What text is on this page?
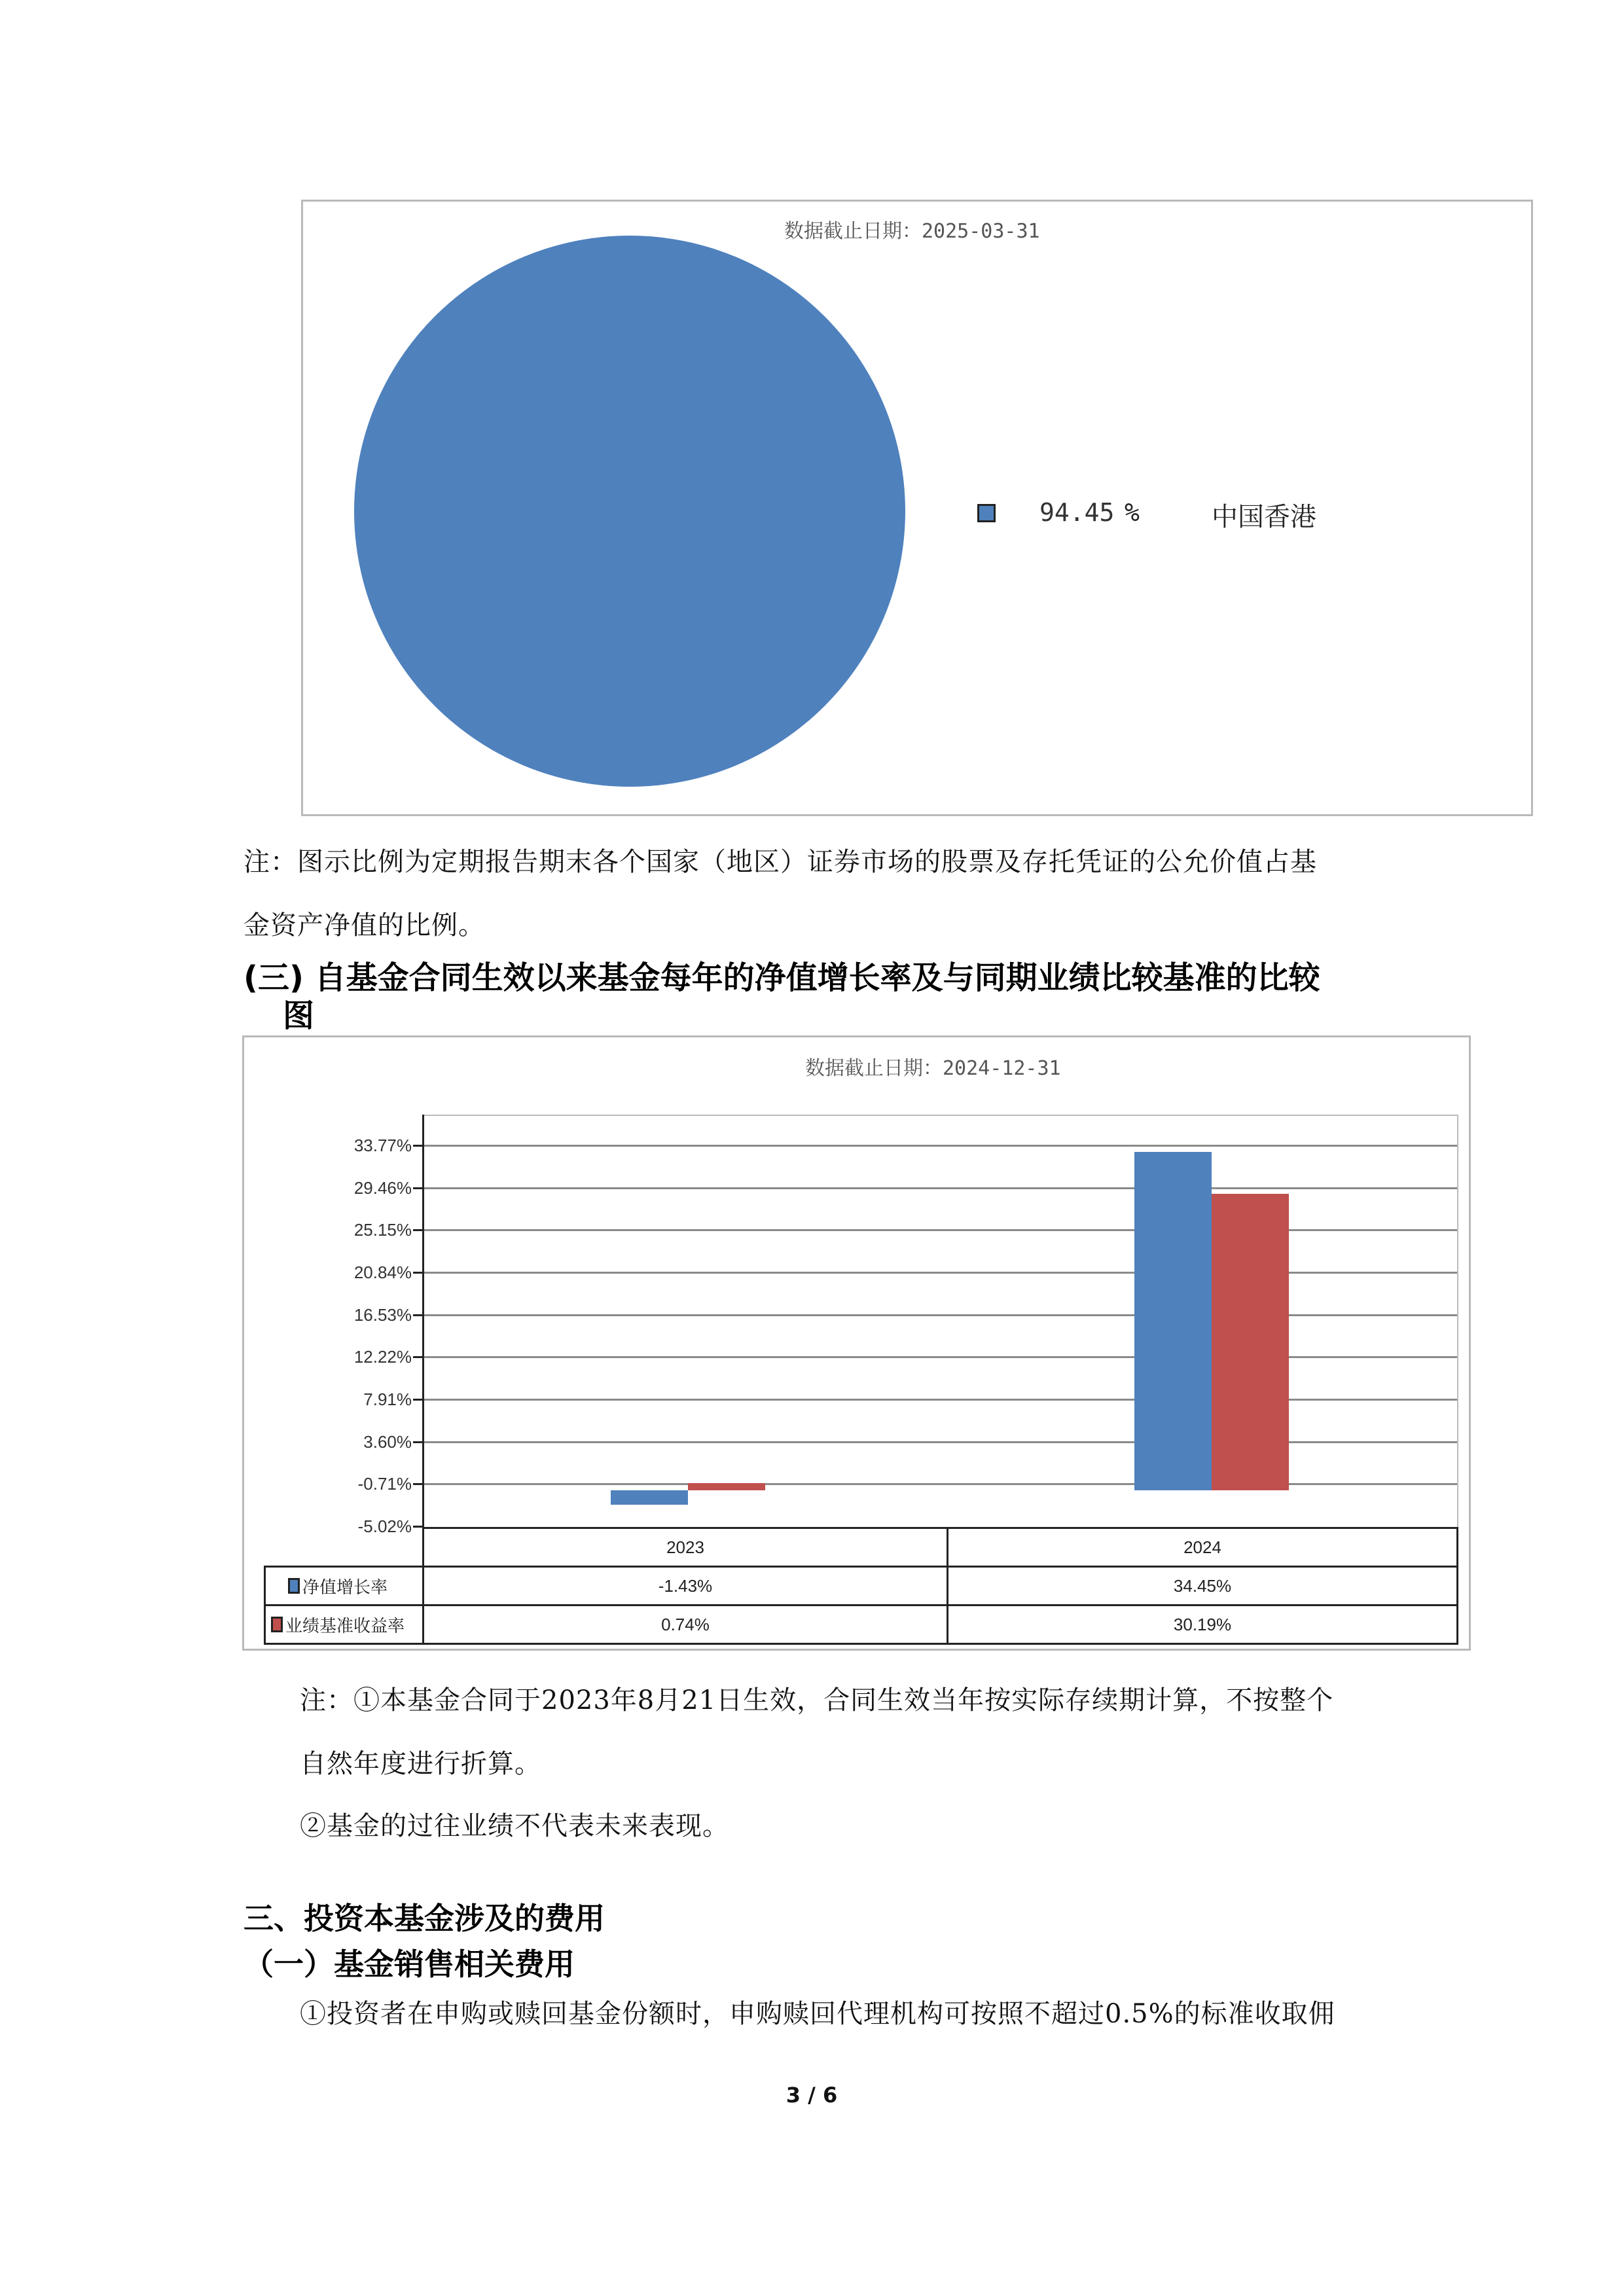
数据截止日期：2025-03-31
94.45 %	中国香港
注：图示比例为定期报告期末各个国家（地区）证券市场的股票及存托凭证的公允价值占基
金资产净值的比例。
(三) 自基金合同生效以来基金每年的净值增长率及与同期业绩比较基准的比较
图
数据截止日期：2024-12-31
33.77%
29.46%
25.15%
20.84%
16.53%
12.22%
7.91%
3.60%
-0.71%
-5.02%
2023	2024
净值增长率	-1.43%	34.45%
业绩基准收益率	0.74%	30.19%
注：①本基金合同于2023年8月21日生效，合同生效当年按实际存续期计算，不按整个
自然年度进行折算。
②基金的过往业绩不代表未来表现。
三、投资本基金涉及的费用
（一）基金销售相关费用
①投资者在申购或赎回基金份额时，申购赎回代理机构可按照不超过0.5%的标准收取佣
3 / 6
